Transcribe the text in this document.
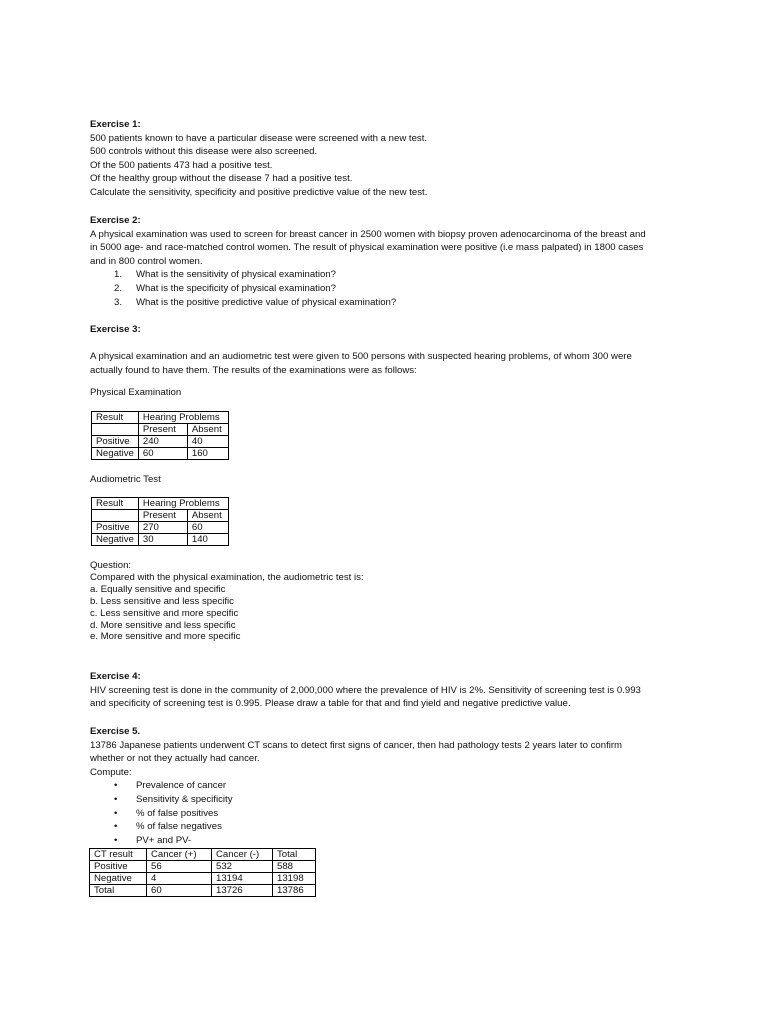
Exercise 1:
500 patients known to have a particular disease were screened with a new test.
500 controls without this disease were also screened.
Of the 500 patients 473 had a positive test.
Of the healthy group without the disease 7 had a positive test.
Calculate the sensitivity, specificity and positive predictive value of the new test.
Exercise 2:
A physical examination was used to screen for breast cancer in 2500 women with biopsy proven adenocarcinoma of the breast and
in 5000 age- and race-matched control women. The result of physical examination were positive (i.e mass palpated) in 1800 cases
and in 800 control women.
1. What is the sensitivity of physical examination?
2. What is the specificity of physical examination?
3. What is the positive predictive value of physical examination?
Exercise 3:
A physical examination and an audiometric test were given to 500 persons with suspected hearing problems, of whom 300 were
actually found to have them. The results of the examinations were as follows:
Physical Examination
Result	Hearing Problems	
	Present	Absent
Positive	240	40
Negative	60	160
Audiometric Test
Result	Hearing Problems	
	Present	Absent
Positive	270	60
Negative	30	140
Question:
Compared with the physical examination, the audiometric test is:
a. Equally sensitive and specific
b. Less sensitive and less specific
c. Less sensitive and more specific
d. More sensitive and less specific
e. More sensitive and more specific
Exercise 4:
HIV screening test is done in the community of 2,000,000 where the prevalence of HIV is 2%. Sensitivity of screening test is 0.993
and specificity of screening test is 0.995. Please draw a table for that and find yield and negative predictive value.
Exercise 5.
13786 Japanese patients underwent CT scans to detect first signs of cancer, then had pathology tests 2 years later to confirm
whether or not they actually had cancer.
Compute:
• Prevalence of cancer
• Sensitivity & specificity
• % of false positives
• % of false negatives
• PV+ and PV-
CT result	Cancer (+)	Cancer (-)	Total
Positive	56	532	588
Negative	4	13194	13198
Total	60	13726	13786
